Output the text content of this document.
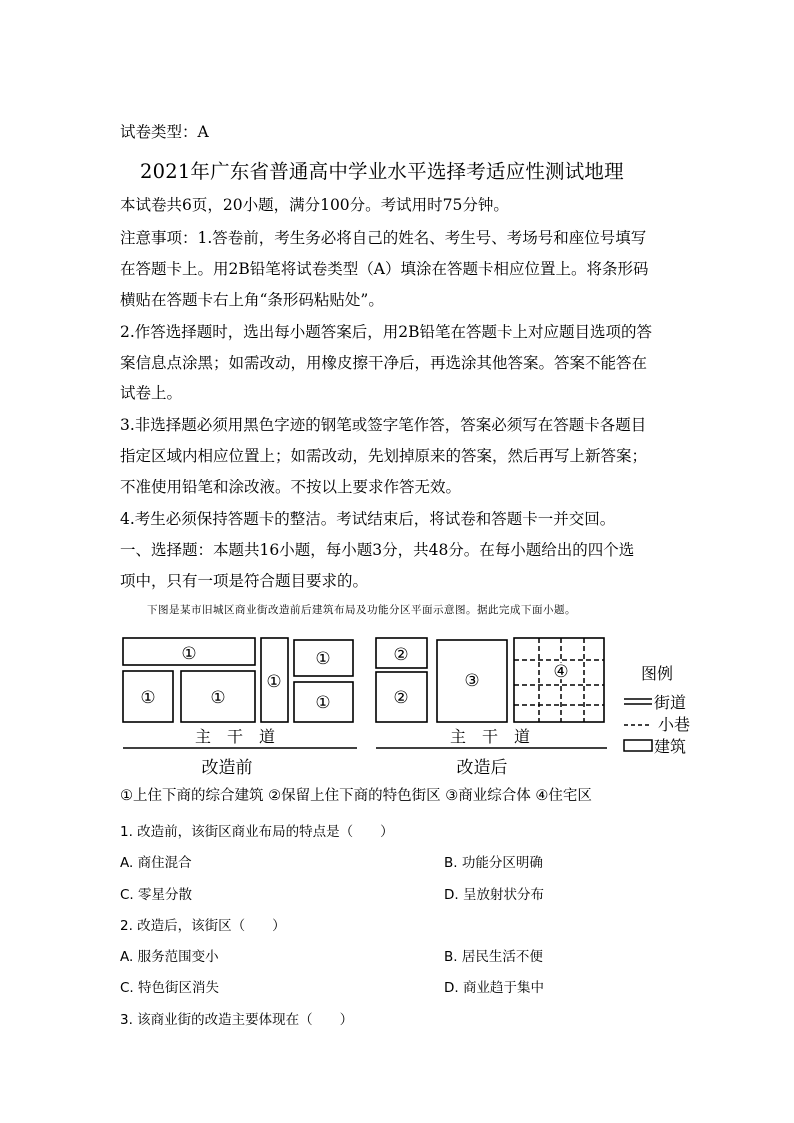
试卷类型：A
2021年广东省普通高中学业水平选择考适应性测试地理
本试卷共6页，20小题，满分100分。考试用时75分钟。
注意事项：1.答卷前，考生务必将自己的姓名、考生号、考场号和座位号填写
在答题卡上。用2B铅笔将试卷类型（A）填涂在答题卡相应位置上。将条形码
横贴在答题卡右上角“条形码粘贴处”。
2.作答选择题时，选出每小题答案后，用2B铅笔在答题卡上对应题目选项的答
案信息点涂黑；如需改动，用橡皮擦干净后，再选涂其他答案。答案不能答在
试卷上。
3.非选择题必须用黑色字迹的钢笔或签字笔作答，答案必须写在答题卡各题目
指定区域内相应位置上；如需改动，先划掉原来的答案，然后再写上新答案；
不准使用铅笔和涂改液。不按以上要求作答无效。
4.考生必须保持答题卡的整洁。考试结束后，将试卷和答题卡一并交回。
一、选择题：本题共16小题，每小题3分，共48分。在每小题给出的四个选
项中，只有一项是符合题目要求的。
下图是某市旧城区商业街改造前后建筑布局及功能分区平面示意图。据此完成下面小题。
①
①	①
①
①
①
②
②
③	④
主　干　道	主　干　道
改造前	改造后
图例
街道
小巷
建筑
①上住下商的综合建筑 ②保留上住下商的特色街区 ③商业综合体 ④住宅区
1. 改造前，该街区商业布局的特点是（　　）
A. 商住混合	B. 功能分区明确
C. 零星分散	D. 呈放射状分布
2. 改造后，该街区（　　）
A. 服务范围变小	B. 居民生活不便
C. 特色街区消失	D. 商业趋于集中
3. 该商业街的改造主要体现在（　　）
